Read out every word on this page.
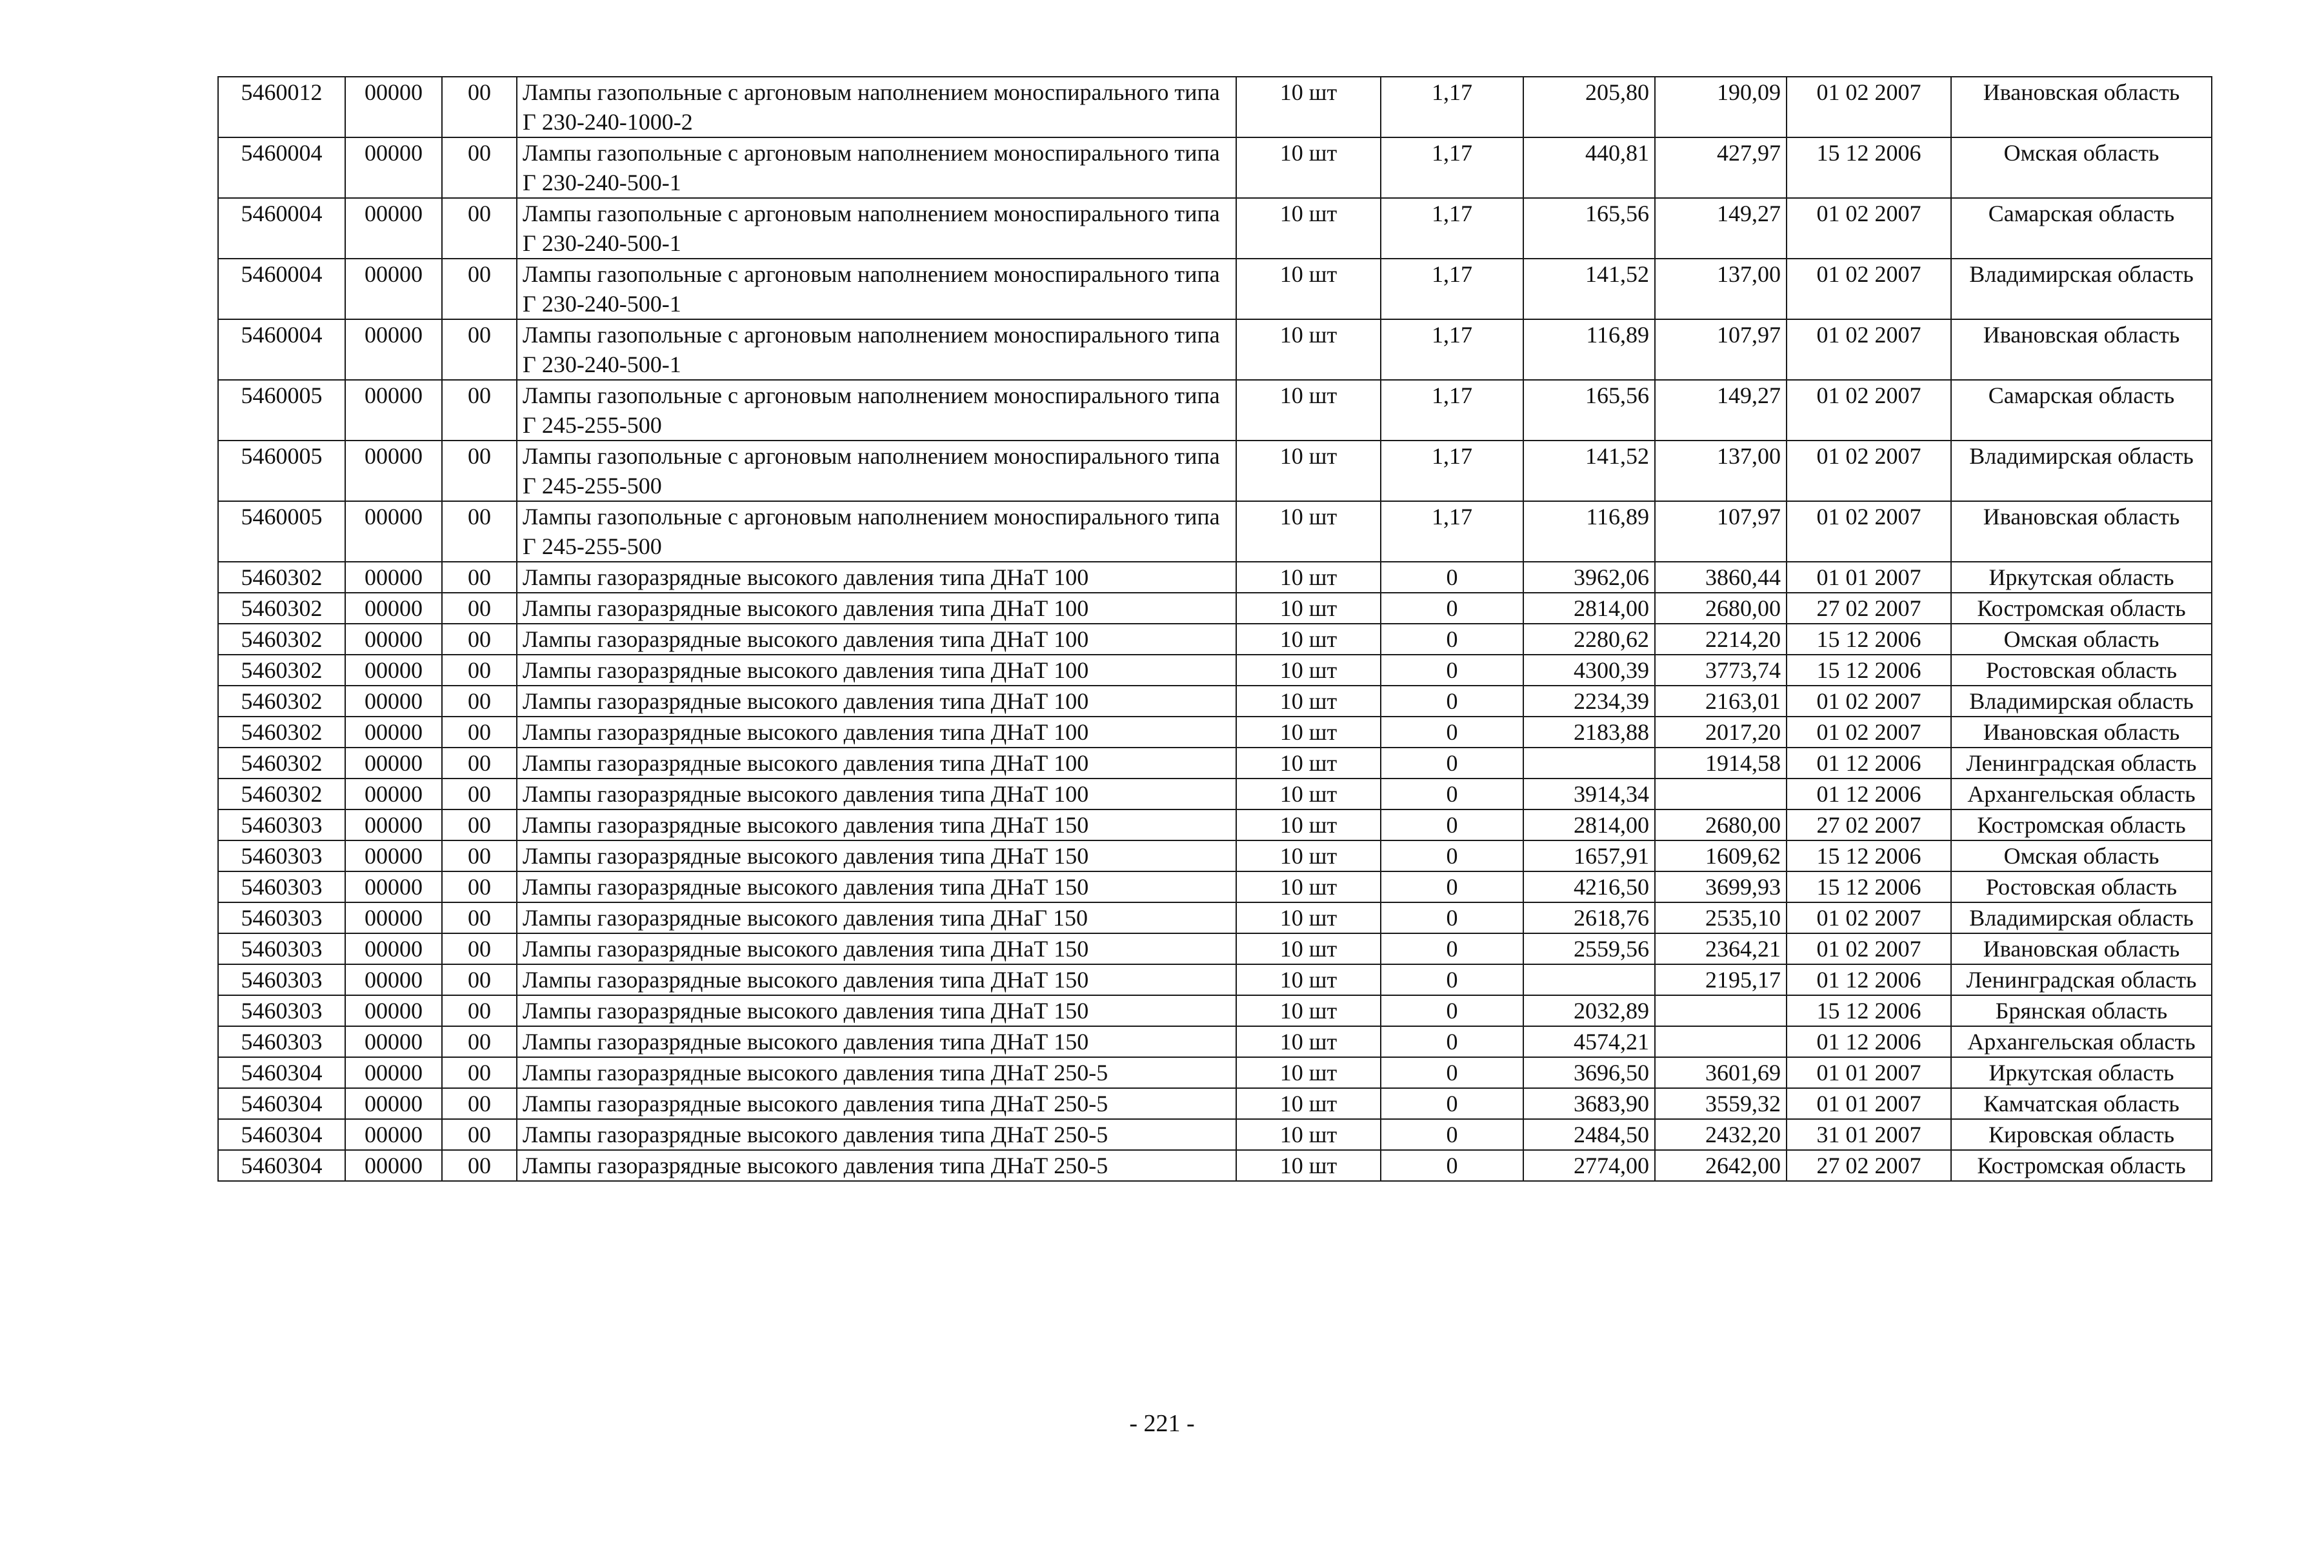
5460012	00000	00	Лампы газопольные с аргоновым наполнением моноспирального типа Г 230-240-1000-2	10 шт	1,17	205,80	190,09	01 02 2007	Ивановская область
5460004	00000	00	Лампы газопольные с аргоновым наполнением моноспирального типа Г 230-240-500-1	10 шт	1,17	440,81	427,97	15 12 2006	Омская область
5460004	00000	00	Лампы газопольные с аргоновым наполнением моноспирального типа Г 230-240-500-1	10 шт	1,17	165,56	149,27	01 02 2007	Самарская область
5460004	00000	00	Лампы газопольные с аргоновым наполнением моноспирального типа Г 230-240-500-1	10 шт	1,17	141,52	137,00	01 02 2007	Владимирская область
5460004	00000	00	Лампы газопольные с аргоновым наполнением моноспирального типа Г 230-240-500-1	10 шт	1,17	116,89	107,97	01 02 2007	Ивановская область
5460005	00000	00	Лампы газопольные с аргоновым наполнением моноспирального типа Г 245-255-500	10 шт	1,17	165,56	149,27	01 02 2007	Самарская область
5460005	00000	00	Лампы газопольные с аргоновым наполнением моноспирального типа Г 245-255-500	10 шт	1,17	141,52	137,00	01 02 2007	Владимирская область
5460005	00000	00	Лампы газопольные с аргоновым наполнением моноспирального типа Г 245-255-500	10 шт	1,17	116,89	107,97	01 02 2007	Ивановская область
5460302	00000	00	Лампы газоразрядные высокого давления типа ДНаТ 100	10 шт	0	3962,06	3860,44	01 01 2007	Иркутская область
5460302	00000	00	Лампы газоразрядные высокого давления типа ДНаТ 100	10 шт	0	2814,00	2680,00	27 02 2007	Костромская область
5460302	00000	00	Лампы газоразрядные высокого давления типа ДНаТ 100	10 шт	0	2280,62	2214,20	15 12 2006	Омская область
5460302	00000	00	Лампы газоразрядные высокого давления типа ДНаТ 100	10 шт	0	4300,39	3773,74	15 12 2006	Ростовская область
5460302	00000	00	Лампы газоразрядные высокого давления типа ДНаТ 100	10 шт	0	2234,39	2163,01	01 02 2007	Владимирская область
5460302	00000	00	Лампы газоразрядные высокого давления типа ДНаТ 100	10 шт	0	2183,88	2017,20	01 02 2007	Ивановская область
5460302	00000	00	Лампы газоразрядные высокого давления типа ДНаТ 100	10 шт	0		1914,58	01 12 2006	Ленинградская область
5460302	00000	00	Лампы газоразрядные высокого давления типа ДНаТ 100	10 шт	0	3914,34		01 12 2006	Архангельская область
5460303	00000	00	Лампы газоразрядные высокого давления типа ДНаТ 150	10 шт	0	2814,00	2680,00	27 02 2007	Костромская область
5460303	00000	00	Лампы газоразрядные высокого давления типа ДНаТ 150	10 шт	0	1657,91	1609,62	15 12 2006	Омская область
5460303	00000	00	Лампы газоразрядные высокого давления типа ДНаТ 150	10 шт	0	4216,50	3699,93	15 12 2006	Ростовская область
5460303	00000	00	Лампы газоразрядные высокого давления типа ДНаГ 150	10 шт	0	2618,76	2535,10	01 02 2007	Владимирская область
5460303	00000	00	Лампы газоразрядные высокого давления типа ДНаТ 150	10 шт	0	2559,56	2364,21	01 02 2007	Ивановская область
5460303	00000	00	Лампы газоразрядные высокого давления типа ДНаТ 150	10 шт	0		2195,17	01 12 2006	Ленинградская область
5460303	00000	00	Лампы газоразрядные высокого давления типа ДНаТ 150	10 шт	0	2032,89		15 12 2006	Брянская область
5460303	00000	00	Лампы газоразрядные высокого давления типа ДНаТ 150	10 шт	0	4574,21		01 12 2006	Архангельская область
5460304	00000	00	Лампы газоразрядные высокого давления типа ДНаТ 250-5	10 шт	0	3696,50	3601,69	01 01 2007	Иркутская область
5460304	00000	00	Лампы газоразрядные высокого давления типа ДНаТ 250-5	10 шт	0	3683,90	3559,32	01 01 2007	Камчатская область
5460304	00000	00	Лампы газоразрядные высокого давления типа ДНаТ 250-5	10 шт	0	2484,50	2432,20	31 01 2007	Кировская область
5460304	00000	00	Лампы газоразрядные высокого давления типа ДНаТ 250-5	10 шт	0	2774,00	2642,00	27 02 2007	Костромская область
- 221 -
